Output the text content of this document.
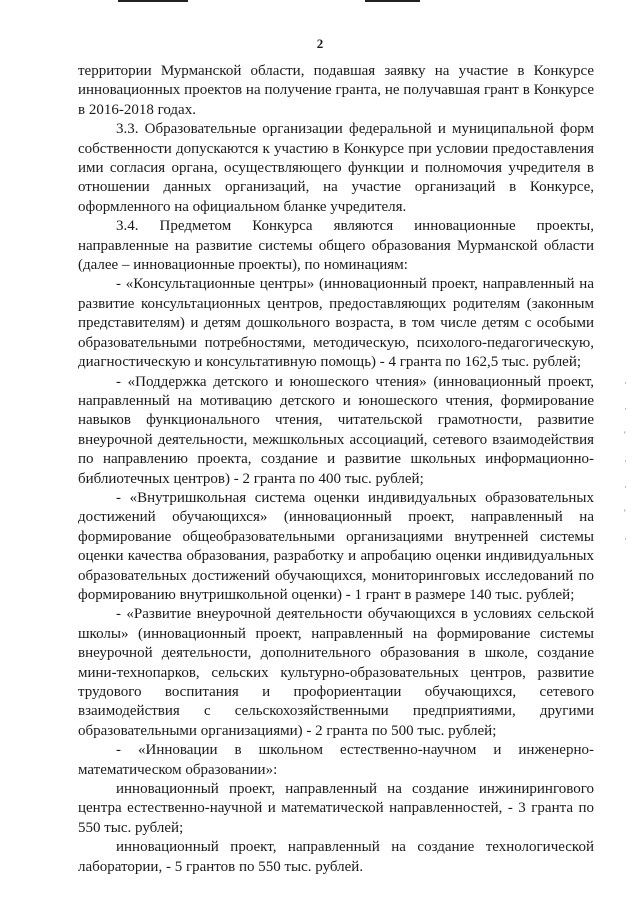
2

территории Мурманской области, подавшая заявку на участие в Конкурсе инновационных проектов на получение гранта, не получавшая грант в Конкурсе в 2016-2018 годах.

3.3. Образовательные организации федеральной и муниципальной форм собственности допускаются к участию в Конкурсе при условии предоставления ими согласия органа, осуществляющего функции и полномочия учредителя в отношении данных организаций, на участие организаций в Конкурсе, оформленного на официальном бланке учредителя.

3.4. Предметом Конкурса являются инновационные проекты, направленные на развитие системы общего образования Мурманской области (далее – инновационные проекты), по номинациям:

- «Консультационные центры» (инновационный проект, направленный на развитие консультационных центров, предоставляющих родителям (законным представителям) и детям дошкольного возраста, в том числе детям с особыми образовательными потребностями, методическую, психолого-педагогическую, диагностическую и консультативную помощь) - 4 гранта по 162,5 тыс. рублей;

- «Поддержка детского и юношеского чтения» (инновационный проект, направленный на мотивацию детского и юношеского чтения, формирование навыков функционального чтения, читательской грамотности, развитие внеурочной деятельности, межшкольных ассоциаций, сетевого взаимодействия по направлению проекта, создание и развитие школьных информационно-библиотечных центров) - 2 гранта по 400 тыс. рублей;

- «Внутришкольная система оценки индивидуальных образовательных достижений обучающихся» (инновационный проект, направленный на формирование общеобразовательными организациями внутренней системы оценки качества образования, разработку и апробацию оценки индивидуальных образовательных достижений обучающихся, мониторинговых исследований по формированию внутришкольной оценки) - 1 грант в размере 140 тыс. рублей;

- «Развитие внеурочной деятельности обучающихся в условиях сельской школы» (инновационный проект, направленный на формирование системы внеурочной деятельности, дополнительного образования в школе, создание мини-технопарков, сельских культурно-образовательных центров, развитие трудового воспитания и профориентации обучающихся, сетевого взаимодействия с сельскохозяйственными предприятиями, другими образовательными организациями) - 2 гранта по 500 тыс. рублей;

- «Инновации в школьном естественно-научном и инженерно-математическом образовании»:

инновационный проект, направленный на создание инжинирингового центра естественно-научной и математической направленностей, - 3 гранта по 550 тыс. рублей;

инновационный проект, направленный на создание технологической лаборатории, - 5 грантов по 550 тыс. рублей.

·
·
'
·
·
'
·
